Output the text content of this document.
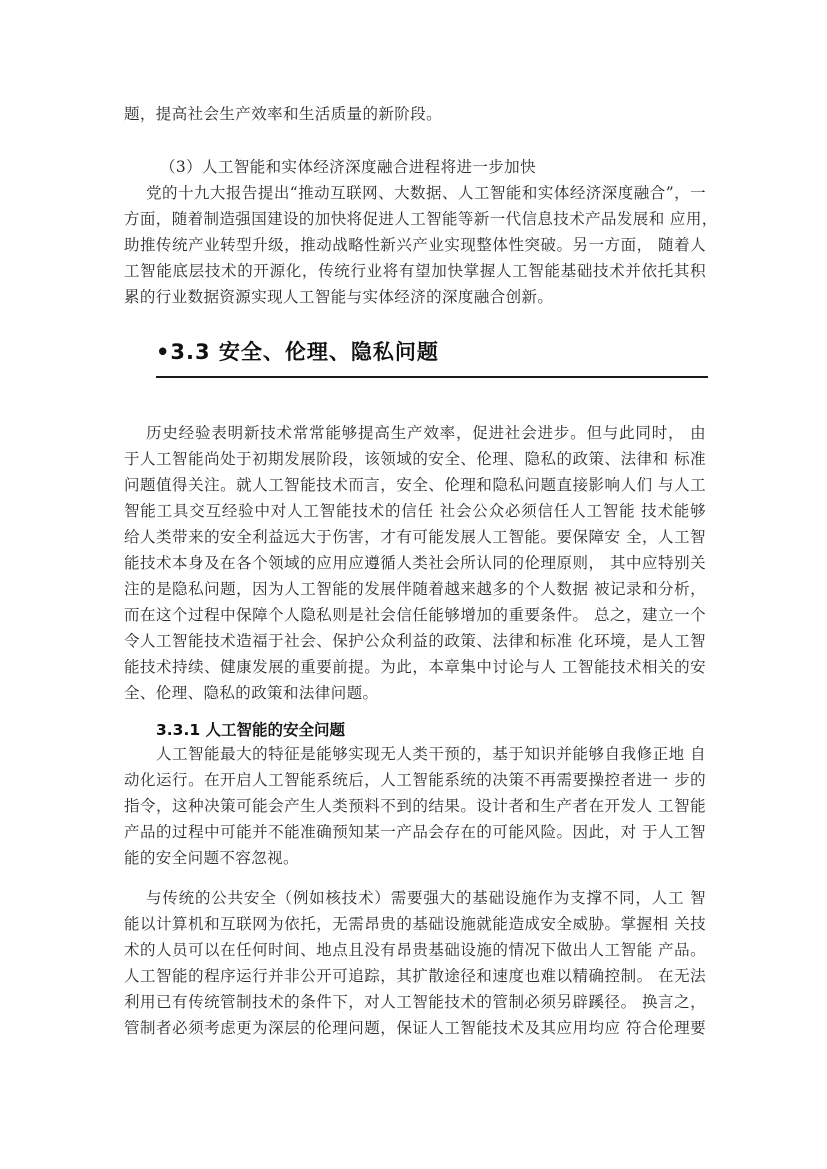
题，提高社会生产效率和生活质量的新阶段。
（3）人工智能和实体经济深度融合进程将进一步加快
党的十九大报告提出“推动互联网、大数据、人工智能和实体经济深度融合”，一
方面，随着制造强国建设的加快将促进人工智能等新一代信息技术产品发展和 应用，
助推传统产业转型升级，推动战略性新兴产业实现整体性突破。另一方面， 随着人
工智能底层技术的开源化，传统行业将有望加快掌握人工智能基础技术并依托其积
累的行业数据资源实现人工智能与实体经济的深度融合创新。
•3.3 安全、伦理、隐私问题
历史经验表明新技术常常能够提高生产效率，促进社会进步。但与此同时， 由
于人工智能尚处于初期发展阶段，该领域的安全、伦理、隐私的政策、法律和 标准
问题值得关注。就人工智能技术而言，安全、伦理和隐私问题直接影响人们 与人工
智能工具交互经验中对人工智能技术的信任 社会公众必须信任人工智能 技术能够
给人类带来的安全利益远大于伤害，才有可能发展人工智能。要保障安 全，人工智
能技术本身及在各个领域的应用应遵循人类社会所认同的伦理原则， 其中应特别关
注的是隐私问题，因为人工智能的发展伴随着越来越多的个人数据 被记录和分析，
而在这个过程中保障个人隐私则是社会信任能够增加的重要条件。 总之，建立一个
令人工智能技术造福于社会、保护公众利益的政策、法律和标准 化环境，是人工智
能技术持续、健康发展的重要前提。为此，本章集中讨论与人 工智能技术相关的安
全、伦理、隐私的政策和法律问题。
3.3.1 人工智能的安全问题
人工智能最大的特征是能够实现无人类干预的，基于知识并能够自我修正地 自
动化运行。在开启人工智能系统后，人工智能系统的决策不再需要操控者进一 步的
指令，这种决策可能会产生人类预料不到的结果。设计者和生产者在开发人 工智能
产品的过程中可能并不能准确预知某一产品会存在的可能风险。因此，对 于人工智
能的安全问题不容忽视。
与传统的公共安全（例如核技术）需要强大的基础设施作为支撑不同，人工 智
能以计算机和互联网为依托，无需昂贵的基础设施就能造成安全威胁。掌握相 关技
术的人员可以在任何时间、地点且没有昂贵基础设施的情况下做出人工智能 产品。
人工智能的程序运行并非公开可追踪，其扩散途径和速度也难以精确控制。 在无法
利用已有传统管制技术的条件下，对人工智能技术的管制必须另辟蹊径。 换言之，
管制者必须考虑更为深层的伦理问题，保证人工智能技术及其应用均应 符合伦理要
